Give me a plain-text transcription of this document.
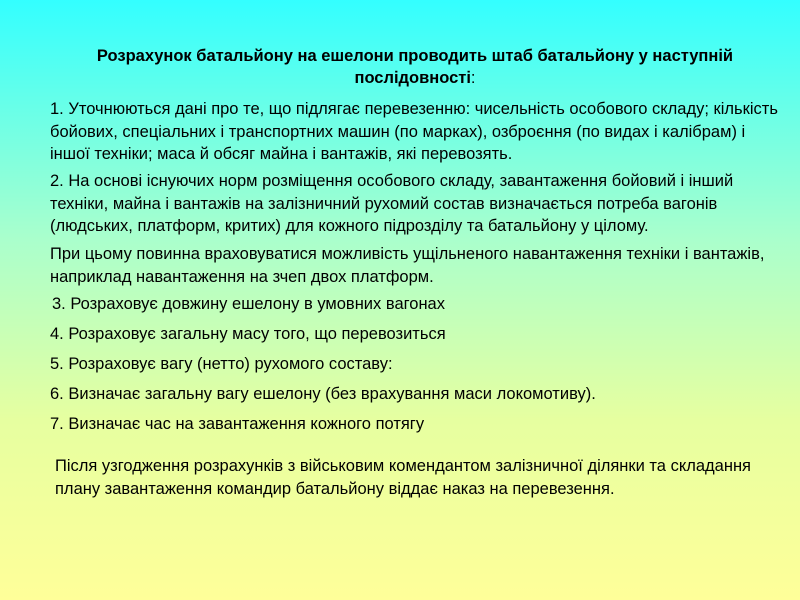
Розрахунок батальйону на ешелони проводить штаб батальйону у наступній послідовності:
1. Уточнюються дані про те, що підлягає перевезенню: чисельність особового складу; кількість бойових, спеціальних і транспортних машин (по марках), озброєння (по видах і калібрам) і іншої техніки; маса й обсяг майна і вантажів, які перевозять.
2. На основі існуючих норм розміщення особового складу, завантаження бойовий і інший техніки, майна і вантажів на залізничний рухомий состав визначається потреба вагонів (людських, платформ, критих) для кожного підрозділу та батальйону у цілому.
При цьому повинна враховуватися можливість ущільненого навантаження техніки і вантажів, наприклад навантаження на зчеп двох платформ.
3. Розраховує довжину ешелону в умовних вагонах
4. Розраховує загальну масу того, що перевозиться
5. Розраховує вагу (нетто) рухомого составу:
6. Визначає загальну вагу ешелону (без врахування маси локомотиву).
7. Визначає час на завантаження кожного потягу
Після узгодження розрахунків з військовим комендантом залізничної ділянки та складання плану завантаження командир батальйону віддає наказ на перевезення.
